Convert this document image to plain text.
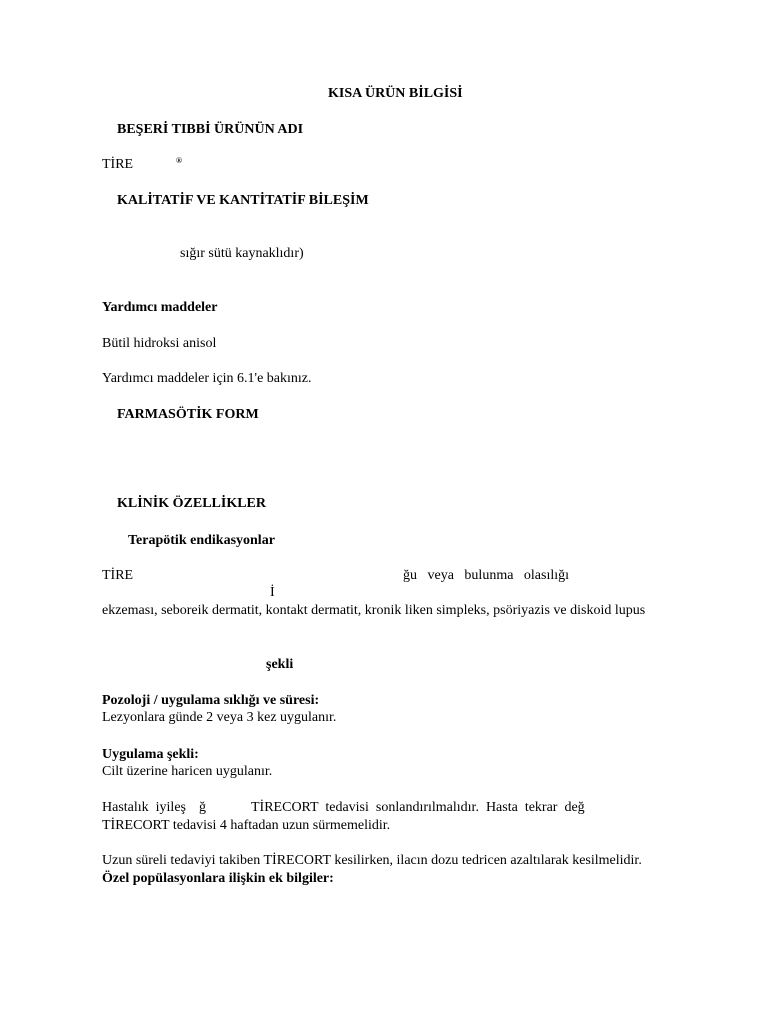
KISA ÜRÜN BİLGİSİ
BEŞERİ TIBBİ ÜRÜNÜN ADI
TİRE	®
KALİTATİF VE KANTİTATİF BİLEŞİM
sığır sütü kaynaklıdır)
Yardımcı maddeler
Bütil hidroksi anisol
Yardımcı maddeler için 6.1'e bakınız.
FARMASÖTİK FORM
KLİNİK ÖZELLİKLER
Terapötik endikasyonlar
TİRE	ğu   veya   bulunma   olasılığı
İ
ekzeması, seboreik dermatit, kontakt dermatit, kronik liken simpleks, psöriyazis ve diskoid lupus
şekli
Pozoloji / uygulama sıklığı ve süresi:
Lezyonlara günde 2 veya 3 kez uygulanır.
Uygulama şekli:
Cilt üzerine haricen uygulanır.
Hastalık  iyileş ğ	TİRECORT  tedavisi  sonlandırılmalıdır.  Hasta  tekrar  değ
TİRECORT tedavisi 4 haftadan uzun sürmemelidir.
Uzun süreli tedaviyi takiben TİRECORT kesilirken, ilacın dozu tedricen azaltılarak kesilmelidir.
Özel popülasyonlara ilişkin ek bilgiler:
